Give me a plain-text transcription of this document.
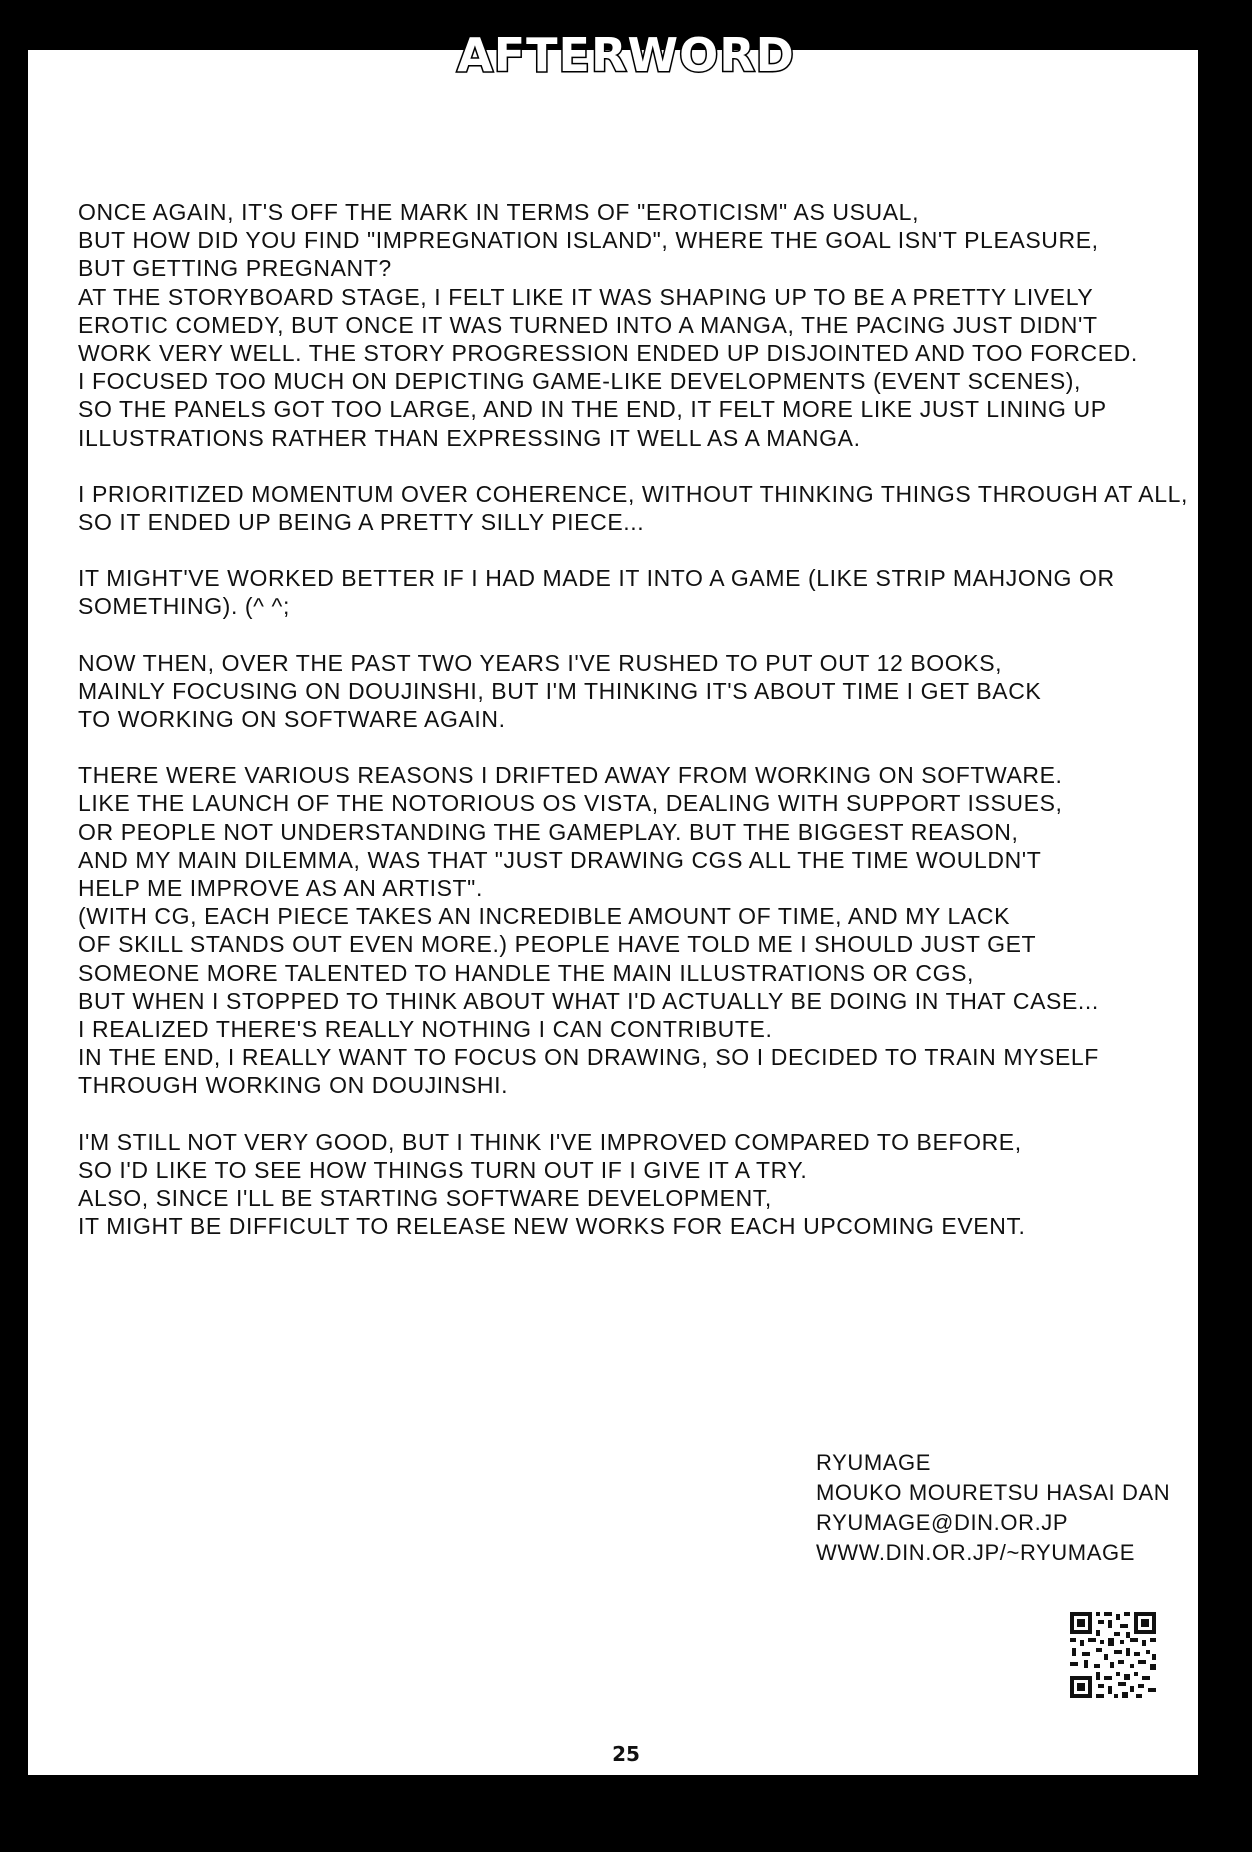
AFTERWORD
ONCE AGAIN, IT'S OFF THE MARK IN TERMS OF "EROTICISM" AS USUAL,
BUT HOW DID YOU FIND "IMPREGNATION ISLAND", WHERE THE GOAL ISN'T PLEASURE,
BUT GETTING PREGNANT?
AT THE STORYBOARD STAGE, I FELT LIKE IT WAS SHAPING UP TO BE A PRETTY LIVELY
EROTIC COMEDY, BUT ONCE IT WAS TURNED INTO A MANGA, THE PACING JUST DIDN'T
WORK VERY WELL. THE STORY PROGRESSION ENDED UP DISJOINTED AND TOO FORCED.
I FOCUSED TOO MUCH ON DEPICTING GAME-LIKE DEVELOPMENTS (EVENT SCENES),
SO THE PANELS GOT TOO LARGE, AND IN THE END, IT FELT MORE LIKE JUST LINING UP
ILLUSTRATIONS RATHER THAN EXPRESSING IT WELL AS A MANGA.
I PRIORITIZED MOMENTUM OVER COHERENCE, WITHOUT THINKING THINGS THROUGH AT ALL,
SO IT ENDED UP BEING A PRETTY SILLY PIECE...
IT MIGHT'VE WORKED BETTER IF I HAD MADE IT INTO A GAME (LIKE STRIP MAHJONG OR
SOMETHING). (^ ^;
NOW THEN, OVER THE PAST TWO YEARS I'VE RUSHED TO PUT OUT 12 BOOKS,
MAINLY FOCUSING ON DOUJINSHI, BUT I'M THINKING IT'S ABOUT TIME I GET BACK
TO WORKING ON SOFTWARE AGAIN.
THERE WERE VARIOUS REASONS I DRIFTED AWAY FROM WORKING ON SOFTWARE.
LIKE THE LAUNCH OF THE NOTORIOUS OS VISTA, DEALING WITH SUPPORT ISSUES,
OR PEOPLE NOT UNDERSTANDING THE GAMEPLAY. BUT THE BIGGEST REASON,
AND MY MAIN DILEMMA, WAS THAT "JUST DRAWING CGS ALL THE TIME WOULDN'T
HELP ME IMPROVE AS AN ARTIST".
(WITH CG, EACH PIECE TAKES AN INCREDIBLE AMOUNT OF TIME, AND MY LACK
OF SKILL STANDS OUT EVEN MORE.) PEOPLE HAVE TOLD ME I SHOULD JUST GET
SOMEONE MORE TALENTED TO HANDLE THE MAIN ILLUSTRATIONS OR CGS,
BUT WHEN I STOPPED TO THINK ABOUT WHAT I'D ACTUALLY BE DOING IN THAT CASE...
I REALIZED THERE'S REALLY NOTHING I CAN CONTRIBUTE.
IN THE END, I REALLY WANT TO FOCUS ON DRAWING, SO I DECIDED TO TRAIN MYSELF
THROUGH WORKING ON DOUJINSHI.
I'M STILL NOT VERY GOOD, BUT I THINK I'VE IMPROVED COMPARED TO BEFORE,
SO I'D LIKE TO SEE HOW THINGS TURN OUT IF I GIVE IT A TRY.
ALSO, SINCE I'LL BE STARTING SOFTWARE DEVELOPMENT,
IT MIGHT BE DIFFICULT TO RELEASE NEW WORKS FOR EACH UPCOMING EVENT.
RYUMAGE
MOUKO MOURETSU HASAI DAN
RYUMAGE@DIN.OR.JP
WWW.DIN.OR.JP/~RYUMAGE
25
